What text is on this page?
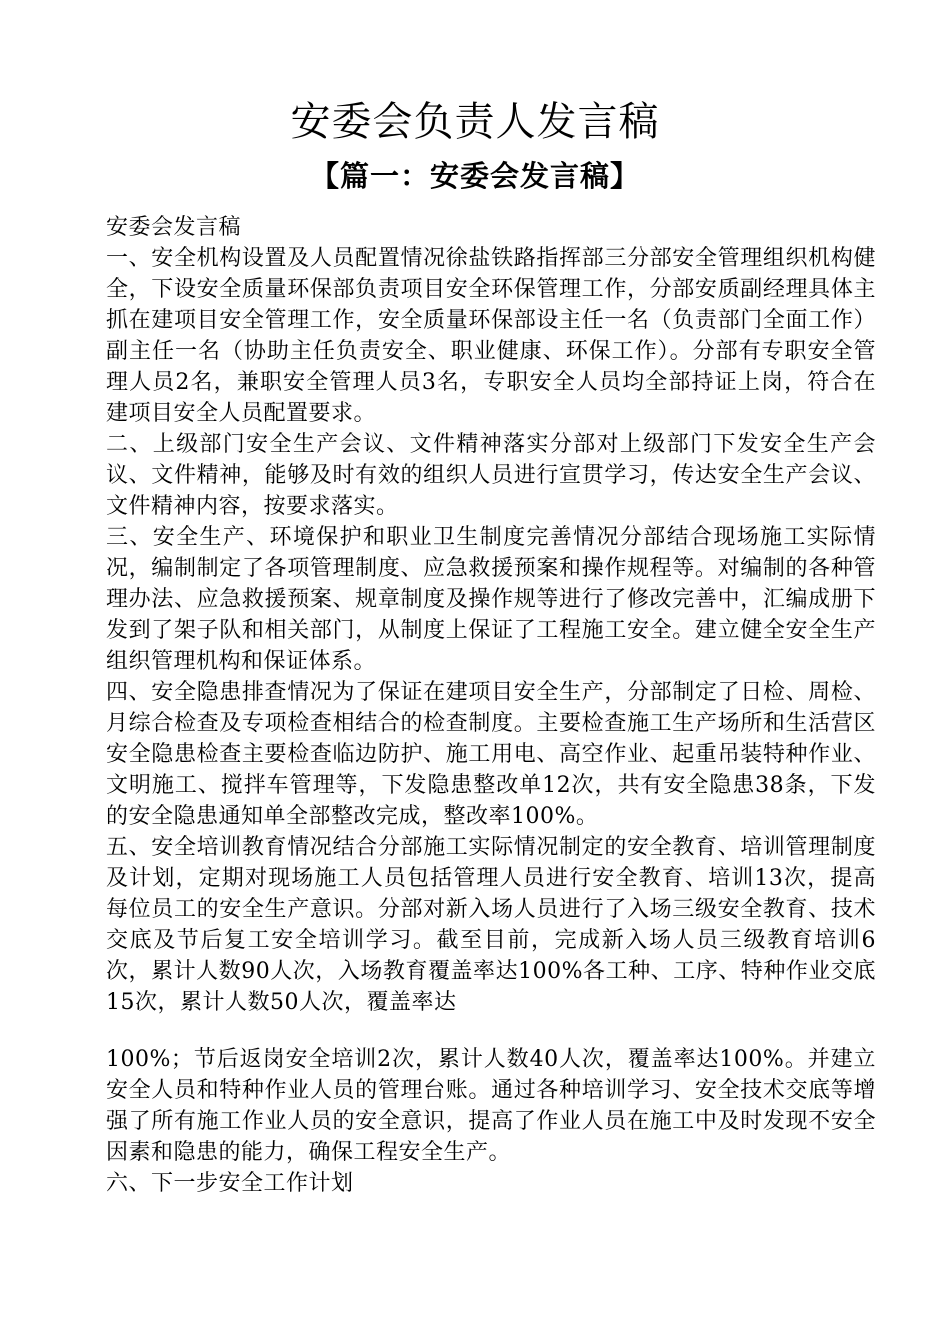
安委会负责人发言稿
【篇一：安委会发言稿】

安委会发言稿

一、安全机构设置及人员配置情况徐盐铁路指挥部三分部安全管理组织机构健全，下设安全质量环保部负责项目安全环保管理工作，分部安质副经理具体主抓在建项目安全管理工作，安全质量环保部设主任一名（负责部门全面工作）副主任一名（协助主任负责安全、职业健康、环保工作）。分部有专职安全管理人员2名，兼职安全管理人员3名，专职安全人员均全部持证上岗，符合在建项目安全人员配置要求。

二、上级部门安全生产会议、文件精神落实分部对上级部门下发安全生产会议、文件精神，能够及时有效的组织人员进行宣贯学习，传达安全生产会议、文件精神内容，按要求落实。

三、安全生产、环境保护和职业卫生制度完善情况分部结合现场施工实际情况，编制制定了各项管理制度、应急救援预案和操作规程等。对编制的各种管理办法、应急救援预案、规章制度及操作规等进行了修改完善中，汇编成册下发到了架子队和相关部门，从制度上保证了工程施工安全。建立健全安全生产组织管理机构和保证体系。

四、安全隐患排查情况为了保证在建项目安全生产，分部制定了日检、周检、月综合检查及专项检查相结合的检查制度。主要检查施工生产场所和生活营区安全隐患检查主要检查临边防护、施工用电、高空作业、起重吊装特种作业、文明施工、搅拌车管理等，下发隐患整改单12次，共有安全隐患38条，下发的安全隐患通知单全部整改完成，整改率100%。

五、安全培训教育情况结合分部施工实际情况制定的安全教育、培训管理制度及计划，定期对现场施工人员包括管理人员进行安全教育、培训13次，提高每位员工的安全生产意识。分部对新入场人员进行了入场三级安全教育、技术交底及节后复工安全培训学习。截至目前，完成新入场人员三级教育培训6次，累计人数90人次，入场教育覆盖率达100%各工种、工序、特种作业交底15次，累计人数50人次，覆盖率达

100%；节后返岗安全培训2次，累计人数40人次，覆盖率达100%。并建立安全人员和特种作业人员的管理台账。通过各种培训学习、安全技术交底等增强了所有施工作业人员的安全意识，提高了作业人员在施工中及时发现不安全因素和隐患的能力，确保工程安全生产。

六、下一步安全工作计划
